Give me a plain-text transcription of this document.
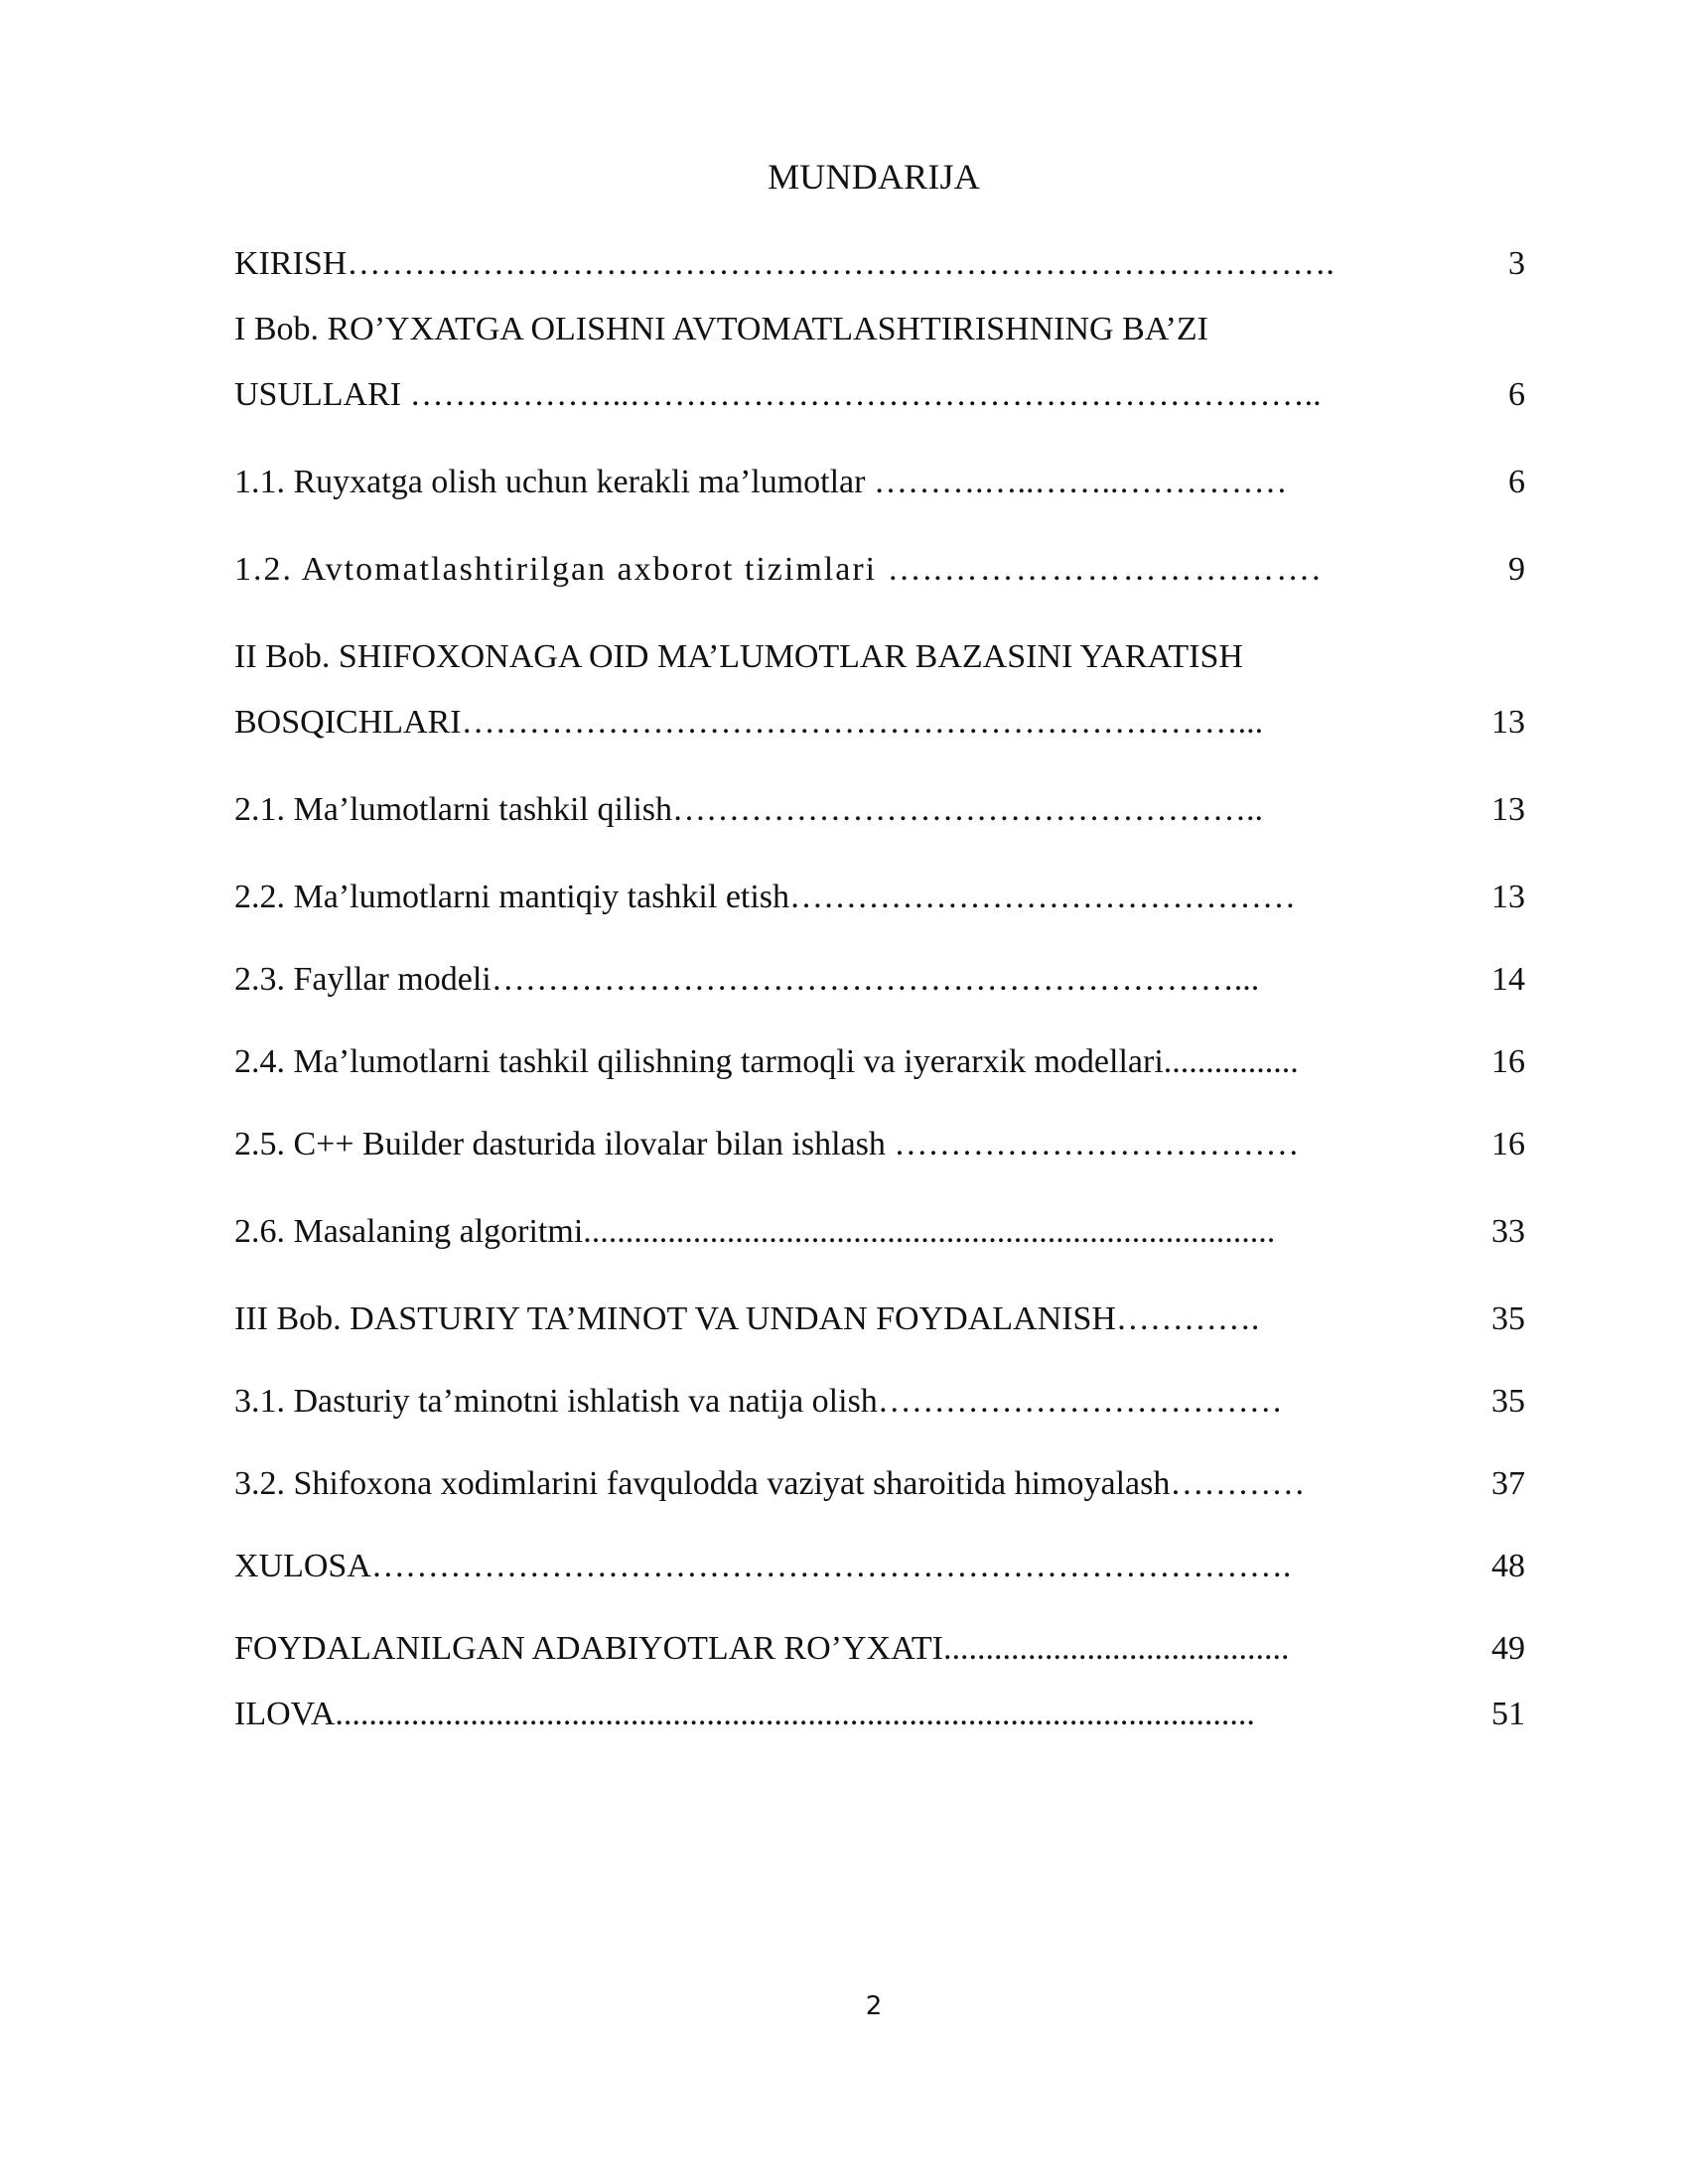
MUNDARIJA
KIRISH…………………………………………………………………………….	3
I Bob. RO’YXATGA OLISHNI AVTOMATLASHTIRISHNING BA’ZI
USULLARI ………………..……………………………………………………..	6
1.1. Ruyxatga olish uchun kerakli ma’lumotlar ……….…..……..……………	6
1.2. Avtomatlashtirilgan axborot tizimlari …..…………………….…….	9
II Bob. SHIFOXONAGA OID MA’LUMOTLAR BAZASINI YARATISH
BOSQICHLARI……………………………………………………………...	13
2.1. Ma’lumotlarni tashkil qilish……………………………………………..	13
2.2. Ma’lumotlarni mantiqiy tashkil etish………………………………………	13
2.3. Fayllar modeli…………………………………………………………...	14
2.4. Ma’lumotlarni tashkil qilishning tarmoqli va iyerarxik modellari................	16
2.5. C++ Builder dasturida ilovalar bilan ishlash ………………………………	16
2.6. Masalaning algoritmi..................................................................................	33
III Bob. DASTURIY TA’MINOT VA UNDAN FOYDALANISH………….	35
3.1. Dasturiy ta’minotni ishlatish va natija olish………………………………	35
3.2. Shifoxona xodimlarini favqulodda vaziyat sharoitida himoyalash…………	37
XULOSA……………………………………………………………………….	48
FOYDALANILGAN ADABIYOTLAR RO’YXATI.........................................	49
ILOVA.............................................................................................................	51
2
